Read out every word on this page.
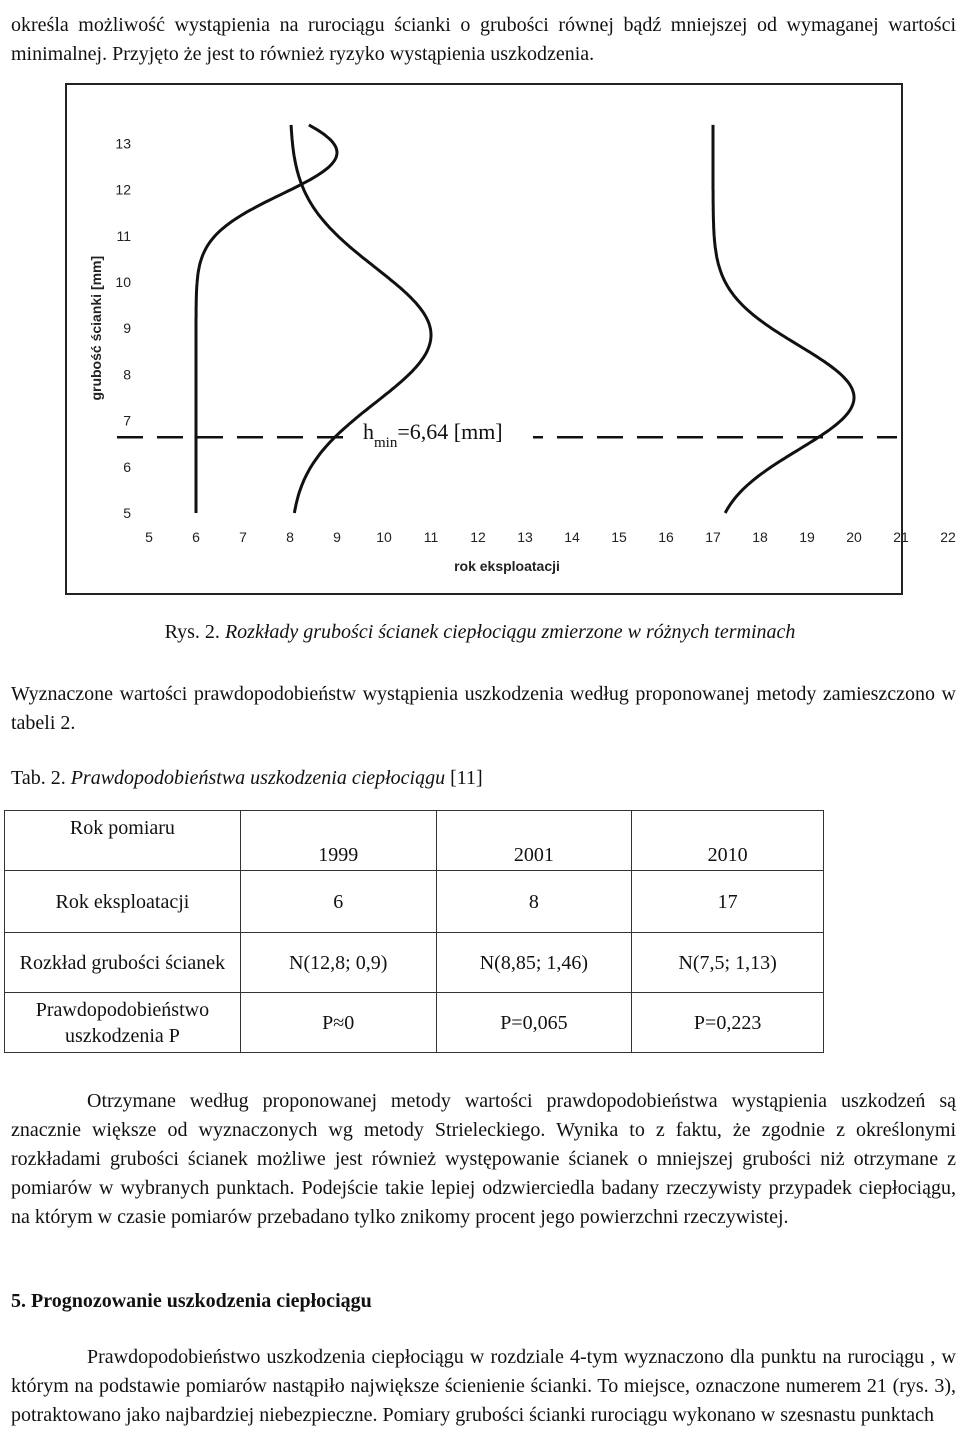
określa możliwość wystąpienia na rurociągu ścianki o grubości równej bądź mniejszej od wymaganej wartości minimalnej. Przyjęto że jest to również ryzyko wystąpienia uszkodzenia.

5
6
7
8
9
10
11
12
13
5	6	7	8	9	10 11 12 13 14 15 16 17 18 19 20 21 22
rok eksploatacji
grubość ścianki [mm]
$h_{min}=6,64$ [mm]
Rys. 2. Rozkłady grubości ścianek ciepłociągu zmierzone w różnych terminach

Wyznaczone wartości prawdopodobieństw wystąpienia uszkodzenia według proponowanej metody zamieszczono w tabeli 2.

Tab. 2. Prawdopodobieństwa uszkodzenia ciepłociągu [11]
Rok pomiaru	1999	2001	2010
Rok eksploatacji	6	8	17
Rozkład grubości ścianek	N(12,8; 0,9)	N(8,85; 1,46)	N(7,5; 1,13)
Prawdopodobieństwo uszkodzenia P	P≈0	P=0,065	P=0,223

Otrzymane według proponowanej metody wartości prawdopodobieństwa wystąpienia uszkodzeń są znacznie większe od wyznaczonych wg metody Strieleckiego. Wynika to z faktu, że zgodnie z określonymi rozkładami grubości ścianek możliwe jest również występowanie ścianek o mniejszej grubości niż otrzymane z pomiarów w wybranych punktach. Podejście takie lepiej odzwierciedla badany rzeczywisty przypadek ciepłociągu, na którym w czasie pomiarów przebadano tylko znikomy procent jego powierzchni rzeczywistej.

5. Prognozowanie uszkodzenia ciepłociągu

Prawdopodobieństwo uszkodzenia ciepłociągu w rozdziale 4-tym wyznaczono dla punktu na rurociągu , w którym na podstawie pomiarów nastąpiło największe ścienienie ścianki. To miejsce, oznaczone numerem 21 (rys. 3), potraktowano jako najbardziej niebezpieczne. Pomiary grubości ścianki rurociągu wykonano w szesnastu punktach
